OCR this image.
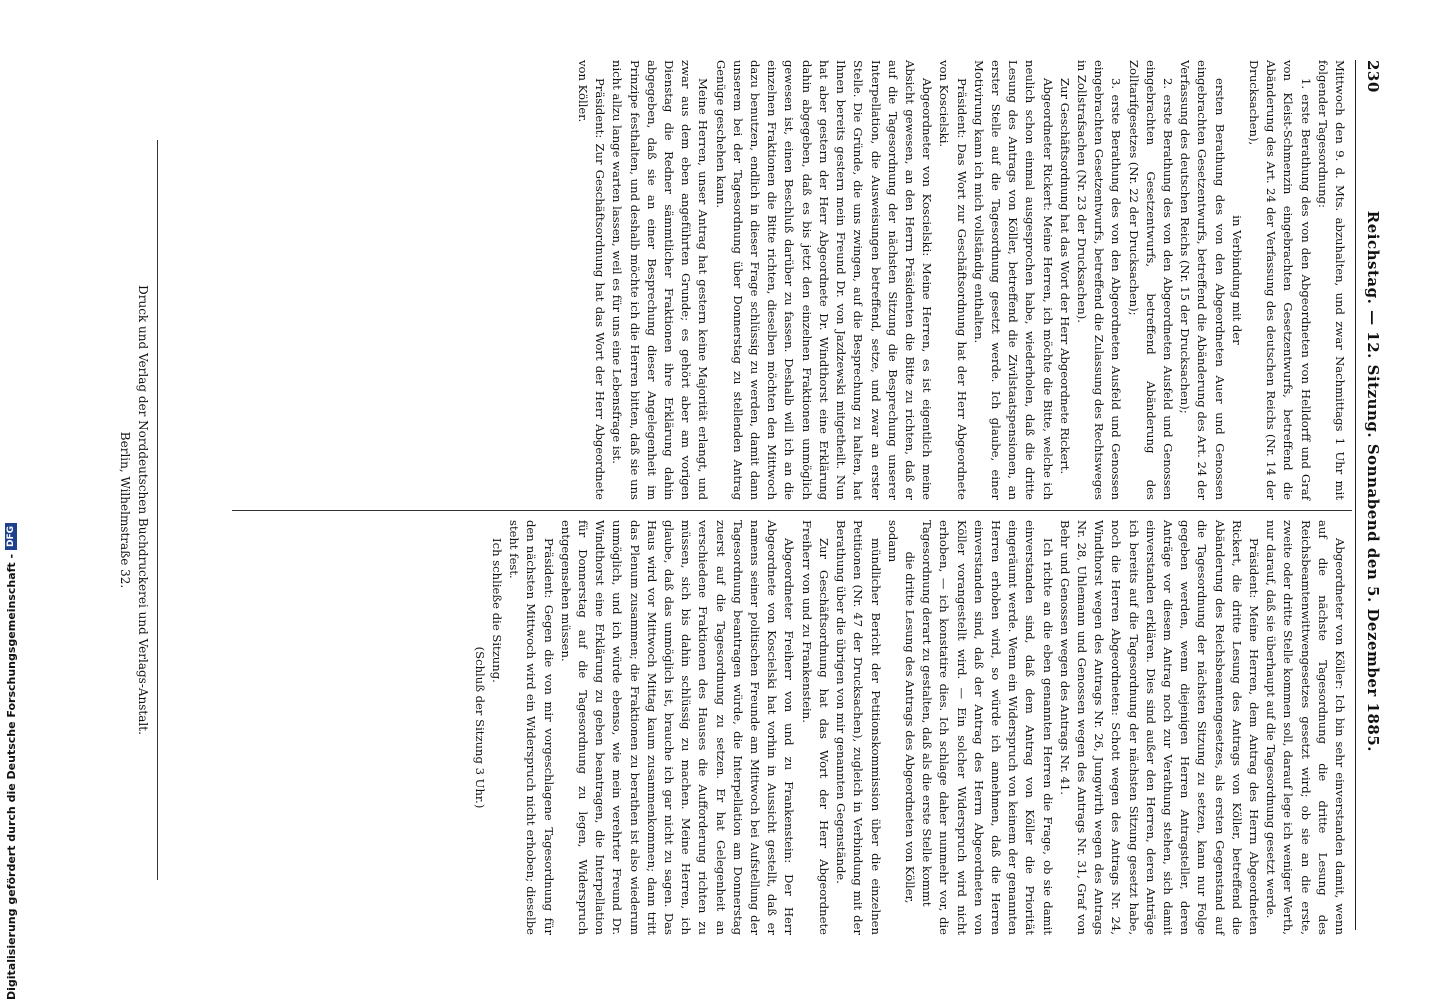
230
Reichstag. — 12. Sitzung. Sonnabend den 5. Dezember 1885.

Mittwoch den 9. d. Mts. abzuhalten, und zwar Nachmittags 1 Uhr mit folgender Tagesordnung:

1. erste Berathung des von den Abgeordneten von Helldorff und Graf von Kleist-Schmenzin eingebrachten Gesetzentwurfs, betreffend die Abänderung des Art. 24 der Verfassung des deutschen Reichs (Nr. 14 der Drucksachen),

in Verbindung mit der

ersten Berathung des von den Abgeordneten Auer und Genossen eingebrachten Gesetzentwurfs, betreffend die Abänderung des Art. 24 der Verfassung des deutschen Reichs (Nr. 15 der Drucksachen);

2. erste Berathung des von den Abgeordneten Ausfeld und Genossen eingebrachten Gesetzentwurfs, betreffend Abänderung des Zolltarifgesetzes (Nr. 22 der Drucksachen);

3. erste Berathung des von den Abgeordneten Ausfeld und Genossen eingebrachten Gesetzentwurfs, betreffend die Zulassung des Rechtsweges in Zollstrafsachen (Nr. 23 der Drucksachen).

Zur Geschäftsordnung hat das Wort der Herr Abgeordnete Rickert.

Abgeordneter Rickert: Meine Herren, ich möchte die Bitte, welche ich neulich schon einmal ausgesprochen habe, wiederholen, daß die dritte Lesung des Antrags von Köller, betreffend die Zivilstaatspensionen, an erster Stelle auf die Tagesordnung gesetzt werde. Ich glaube, einer Motivirung kann ich mich vollständig enthalten.

Präsident: Das Wort zur Geschäftsordnung hat der Herr Abgeordnete von Koscielski.

Abgeordneter von Koscielski: Meine Herren, es ist eigentlich meine Absicht gewesen, an den Herrn Präsidenten die Bitte zu richten, daß er auf die Tagesordnung der nächsten Sitzung die Besprechung unserer Interpellation, die Ausweisungen betreffend, setze, und zwar an erster Stelle. Die Gründe, die uns zwingen, auf die Besprechung zu halten, hat Ihnen bereits gestern mein Freund Dr. von Jazdzewski mitgetheilt. Nun hat aber gestern der Herr Abgeordnete Dr. Windthorst eine Erklärung dahin abgegeben, daß es bis jetzt den einzelnen Fraktionen unmöglich gewesen ist, einen Beschluß darüber zu fassen. Deshalb will ich an die einzelnen Fraktionen die Bitte richten, dieselben möchten den Mittwoch dazu benutzen, endlich in dieser Frage schlüssig zu werden, damit dann unserem bei der Tagesordnung über Donnerstag zu stellenden Antrag Genüge geschehen kann.

Meine Herren, unser Antrag hat gestern keine Majorität erlangt, und zwar aus dem eben angeführten Grunde; es gehört aber am vorigen Dienstag die Redner sämmtlicher Fraktionen ihre Erklärung dahin abgegeben, daß sie an einer Besprechung dieser Angelegenheit im Prinzipe festhalten, und deshalb möchte ich die Herren bitten, daß sie uns nicht allzu lange warten lassen, weil es für uns eine Lebensfrage ist.

Präsident: Zur Geschäftsordnung hat das Wort der Herr Abgeordnete von Köller.

Abgeordneter von Köller: Ich bin sehr einverstanden damit, wenn auf die nächste Tagesordnung die dritte Lesung des Reichsbeamtenwittwengesetzes gesetzt wird; ob sie an die erste, zweite oder dritte Stelle kommen soll, darauf lege ich weniger Werth, nur darauf, daß sie überhaupt auf die Tagesordnung gesetzt werde.

Präsident: Meine Herren, dem Antrag des Herrn Abgeordneten Rickert, die dritte Lesung des Antrags von Köller, betreffend die Abänderung des Reichsbeamtengesetzes, als ersten Gegenstand auf die Tagesordnung der nächsten Sitzung zu setzen, kann nur Folge gegeben werden, wenn diejenigen Herren Antragsteller, deren Anträge vor diesem Antrag noch zur Verathung stehen, sich damit einverstanden erklären. Dies sind außer den Herren, deren Anträge ich bereits auf die Tagesordnung der nächsten Sitzung gesetzt habe, noch die Herren Abgeordneten: Schott wegen des Antrags Nr. 24, Windthorst wegen des Antrags Nr. 26, Jungwirth wegen des Antrags Nr. 28, Uhlemann und Genossen wegen des Antrags Nr. 31, Graf von Behr und Genossen wegen des Antrags Nr. 41.

Ich richte an die eben genannten Herren die Frage, ob sie damit einverstanden sind, daß dem Antrag von Köller die Priorität eingeräumt werde. Wenn ein Widerspruch von keinem der genannten Herren erhoben wird, so würde ich annehmen, daß die Herren einverstanden sind, daß der Antrag des Herrn Abgeordneten von Köller vorangestellt wird. — Ein solcher Widerspruch wird nicht erhoben, — ich konstatire dies. Ich schlage daher nunmehr vor, die Tagesordnung derart zu gestalten, daß als die erste Stelle kommt

die dritte Lesung des Antrags des Abgeordneten von Köller,

sodann

mündlicher Bericht der Petitionskommission über die einzelnen Petitionen (Nr. 47 der Drucksachen), zugleich in Verbindung mit der Berathung über die übrigen von mir genannten Gegenstände.

Zur Geschäftsordnung hat das Wort der Herr Abgeordnete Freiherr von und zu Frankenstein.

Abgeordneter Freiherr von und zu Frankenstein: Der Herr Abgeordnete von Koscielski hat vorhin in Aussicht gestellt, daß er namens seiner politischen Freunde am Mittwoch bei Aufstellung der Tagesordnung beantragen würde, die Interpellation am Donnerstag zuerst auf die Tagesordnung zu setzen. Er hat Gelegenheit an verschiedene Fraktionen des Hauses die Aufforderung richten zu müssen, sich bis dahin schlüssig zu machen. Meine Herren, ich glaube, daß das unmöglich ist, brauche ich gar nicht zu sagen. Das Haus wird vor Mittwoch Mittag kaum zusammenkommen; dann tritt das Plenum zusammen; die Fraktionen zu berathen ist also wiederum unmöglich, und ich würde ebenso, wie mein verehrter Freund Dr. Windthorst eine Erklärung zu geben beantragen, die Interpellation für Donnerstag auf die Tagesordnung zu legen, Widerspruch entgegensehen müssen.

Präsident: Gegen die von mir vorgeschlagene Tagesordnung für den nächsten Mittwoch wird ein Widerspruch nicht erhoben; dieselbe steht fest.

Ich schließe die Sitzung.

(Schluß der Sitzung 3 Uhr.)

Druck und Verlag der Norddeutschen Buchdruckerei und Verlags-Anstalt.
Berlin, Wilhelmstraße 32.
Digitalisierung gefördert durch die Deutsche Forschungsgemeinschaft -
DFG
